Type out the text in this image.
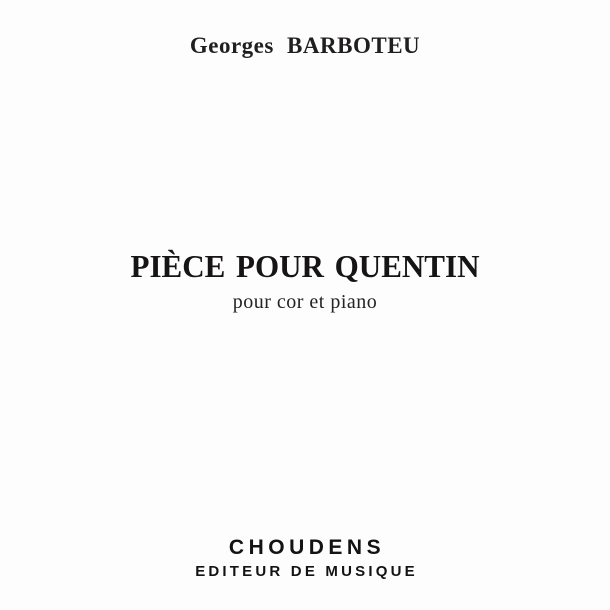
Georges BARBOTEU
PIÈCE POUR QUENTIN
pour cor et piano
CHOUDENS
EDITEUR DE MUSIQUE
